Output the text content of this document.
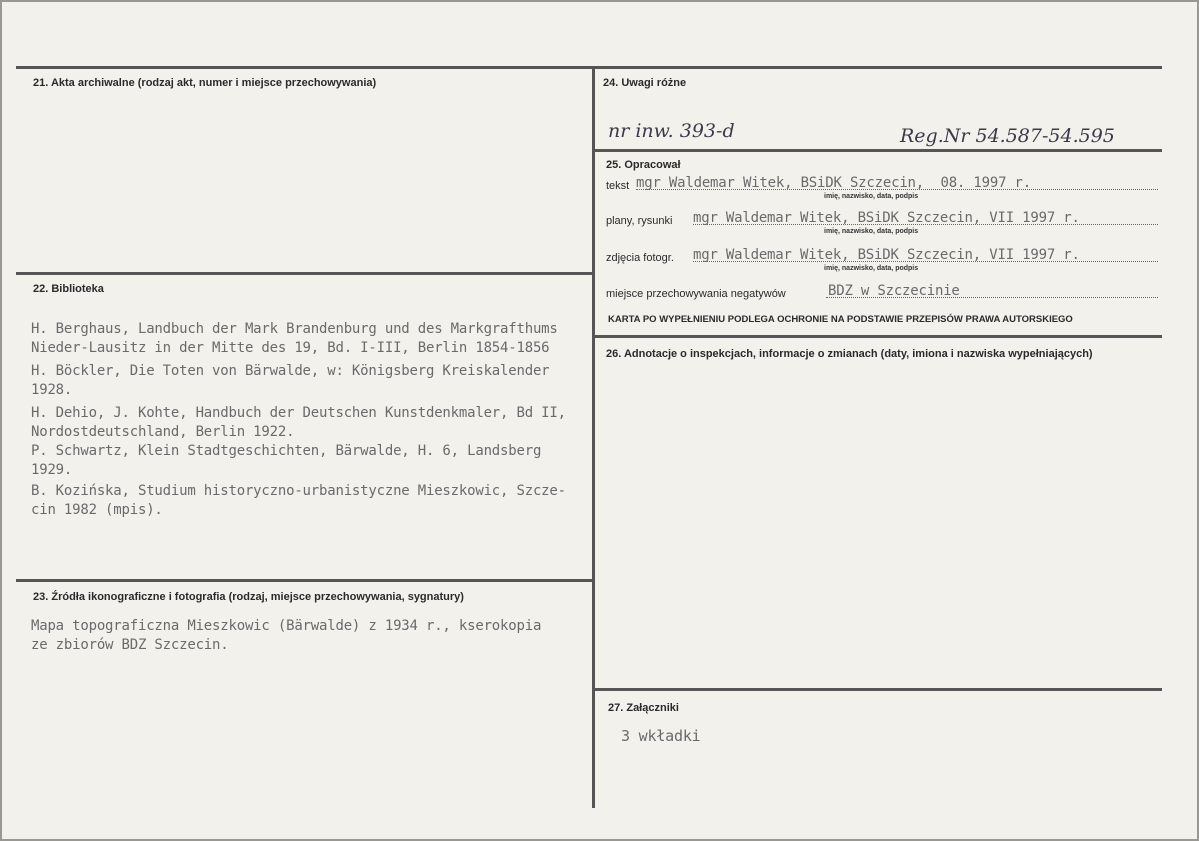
21. Akta archiwalne (rodzaj akt, numer i miejsce przechowywania)
22. Biblioteka
H. Berghaus, Landbuch der Mark Brandenburg und des Markgrafthums
Nieder-Lausitz in der Mitte des 19, Bd. I-III, Berlin 1854-1856
H. Böckler, Die Toten von Bärwalde, w: Königsberg Kreiskalender
1928.
H. Dehio, J. Kohte, Handbuch der Deutschen Kunstdenkmaler, Bd II,
Nordostdeutschland, Berlin 1922.
P. Schwartz, Klein Stadtgeschichten, Bärwalde, H. 6, Landsberg
1929.
B. Kozińska, Studium historyczno-urbanistyczne Mieszkowic, Szcze-
cin 1982 (mpis).
23. Źródła ikonograficzne i fotografia (rodzaj, miejsce przechowywania, sygnatury)
Mapa topograficzna Mieszkowic (Bärwalde) z 1934 r., kserokopia
ze zbiorów BDZ Szczecin.
24. Uwagi różne
nr inw. 393-d	Reg.Nr 54.587-54.595
25. Opracował
tekst mgr Waldemar Witek, BSiDK Szczecin,  08. 1997 r.
imię, nazwisko, data, podpis
plany, rysunki mgr Waldemar Witek, BSiDK Szczecin, VII 1997 r.
imię, nazwisko, data, podpis
zdjęcia fotogr. mgr Waldemar Witek, BSiDK Szczecin, VII 1997 r.
imię, nazwisko, data, podpis
miejsce przechowywania negatywów	BDZ w Szczecinie
KARTA PO WYPEŁNIENIU PODLEGA OCHRONIE NA PODSTAWIE PRZEPISÓW PRAWA AUTORSKIEGO
26. Adnotacje o inspekcjach, informacje o zmianach (daty, imiona i nazwiska wypełniających)
27. Załączniki
3 wkładki
